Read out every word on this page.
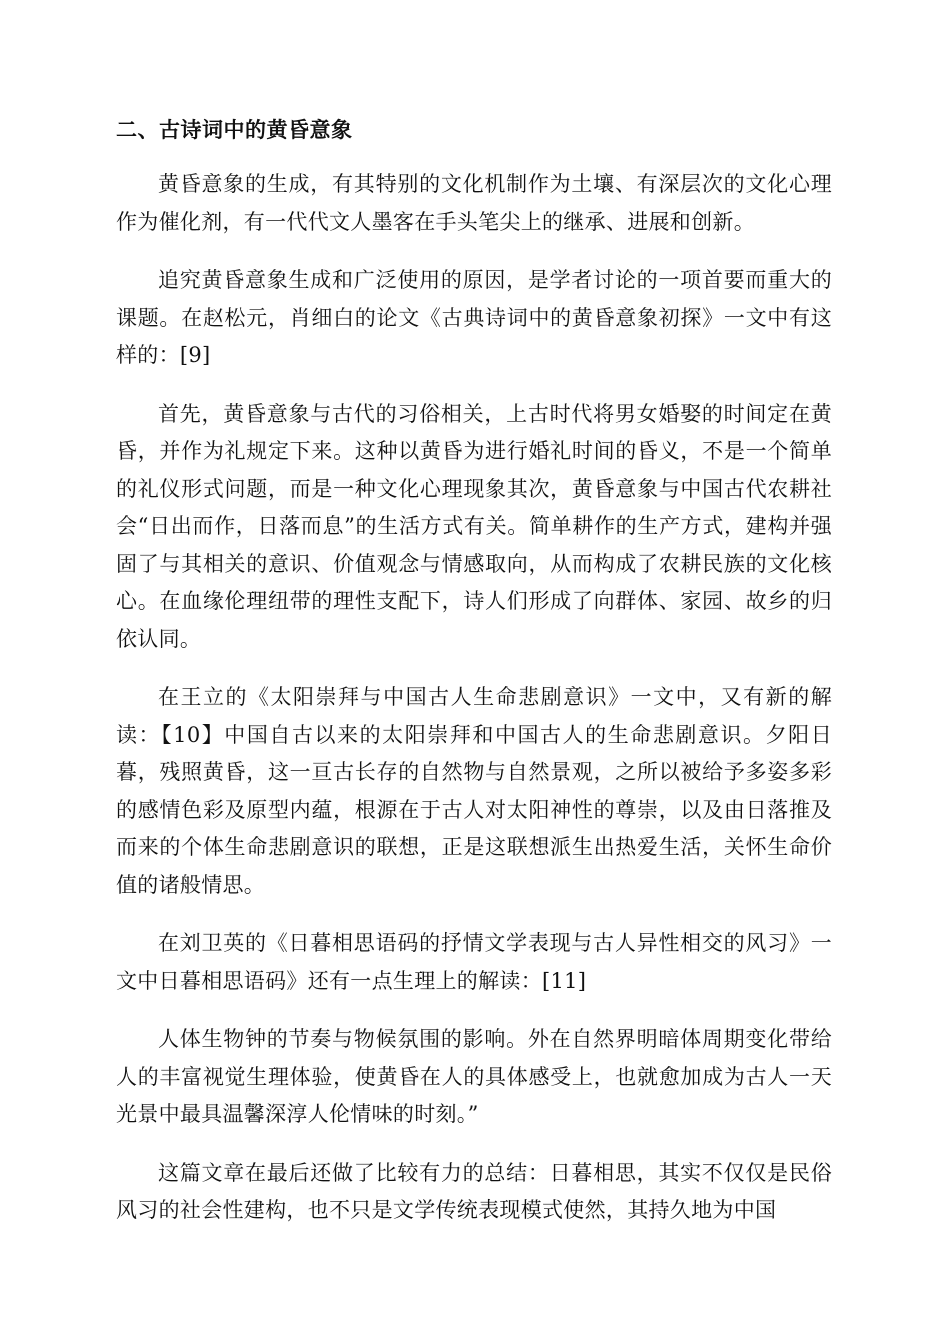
二、古诗词中的黄昏意象

黄昏意象的生成，有其特别的文化机制作为土壤、有深层次的文化心理作为催化剂，有一代代文人墨客在手头笔尖上的继承、进展和创新。

追究黄昏意象生成和广泛使用的原因，是学者讨论的一项首要而重大的课题。在赵松元，肖细白的论文《古典诗词中的黄昏意象初探》一文中有这样的：[9]

首先，黄昏意象与古代的习俗相关，上古时代将男女婚娶的时间定在黄昏，并作为礼规定下来。这种以黄昏为进行婚礼时间的昏义，不是一个简单的礼仪形式问题，而是一种文化心理现象其次，黄昏意象与中国古代农耕社会“日出而作，日落而息”的生活方式有关。简单耕作的生产方式，建构并强固了与其相关的意识、价值观念与情感取向，从而构成了农耕民族的文化核心。在血缘伦理纽带的理性支配下，诗人们形成了向群体、家园、故乡的归依认同。

在王立的《太阳崇拜与中国古人生命悲剧意识》一文中，又有新的解读：【10】中国自古以来的太阳崇拜和中国古人的生命悲剧意识。夕阳日暮，残照黄昏，这一亘古长存的自然物与自然景观，之所以被给予多姿多彩的感情色彩及原型内蕴，根源在于古人对太阳神性的尊崇，以及由日落推及而来的个体生命悲剧意识的联想，正是这联想派生出热爱生活，关怀生命价值的诸般情思。

在刘卫英的《日暮相思语码的抒情文学表现与古人异性相交的风习》一文中日暮相思语码》还有一点生理上的解读：[11]

人体生物钟的节奏与物候氛围的影响。外在自然界明暗体周期变化带给人的丰富视觉生理体验，使黄昏在人的具体感受上，也就愈加成为古人一天光景中最具温馨深淳人伦情味的时刻。”

这篇文章在最后还做了比较有力的总结：日暮相思，其实不仅仅是民俗风习的社会性建构，也不只是文学传统表现模式使然，其持久地为中国
